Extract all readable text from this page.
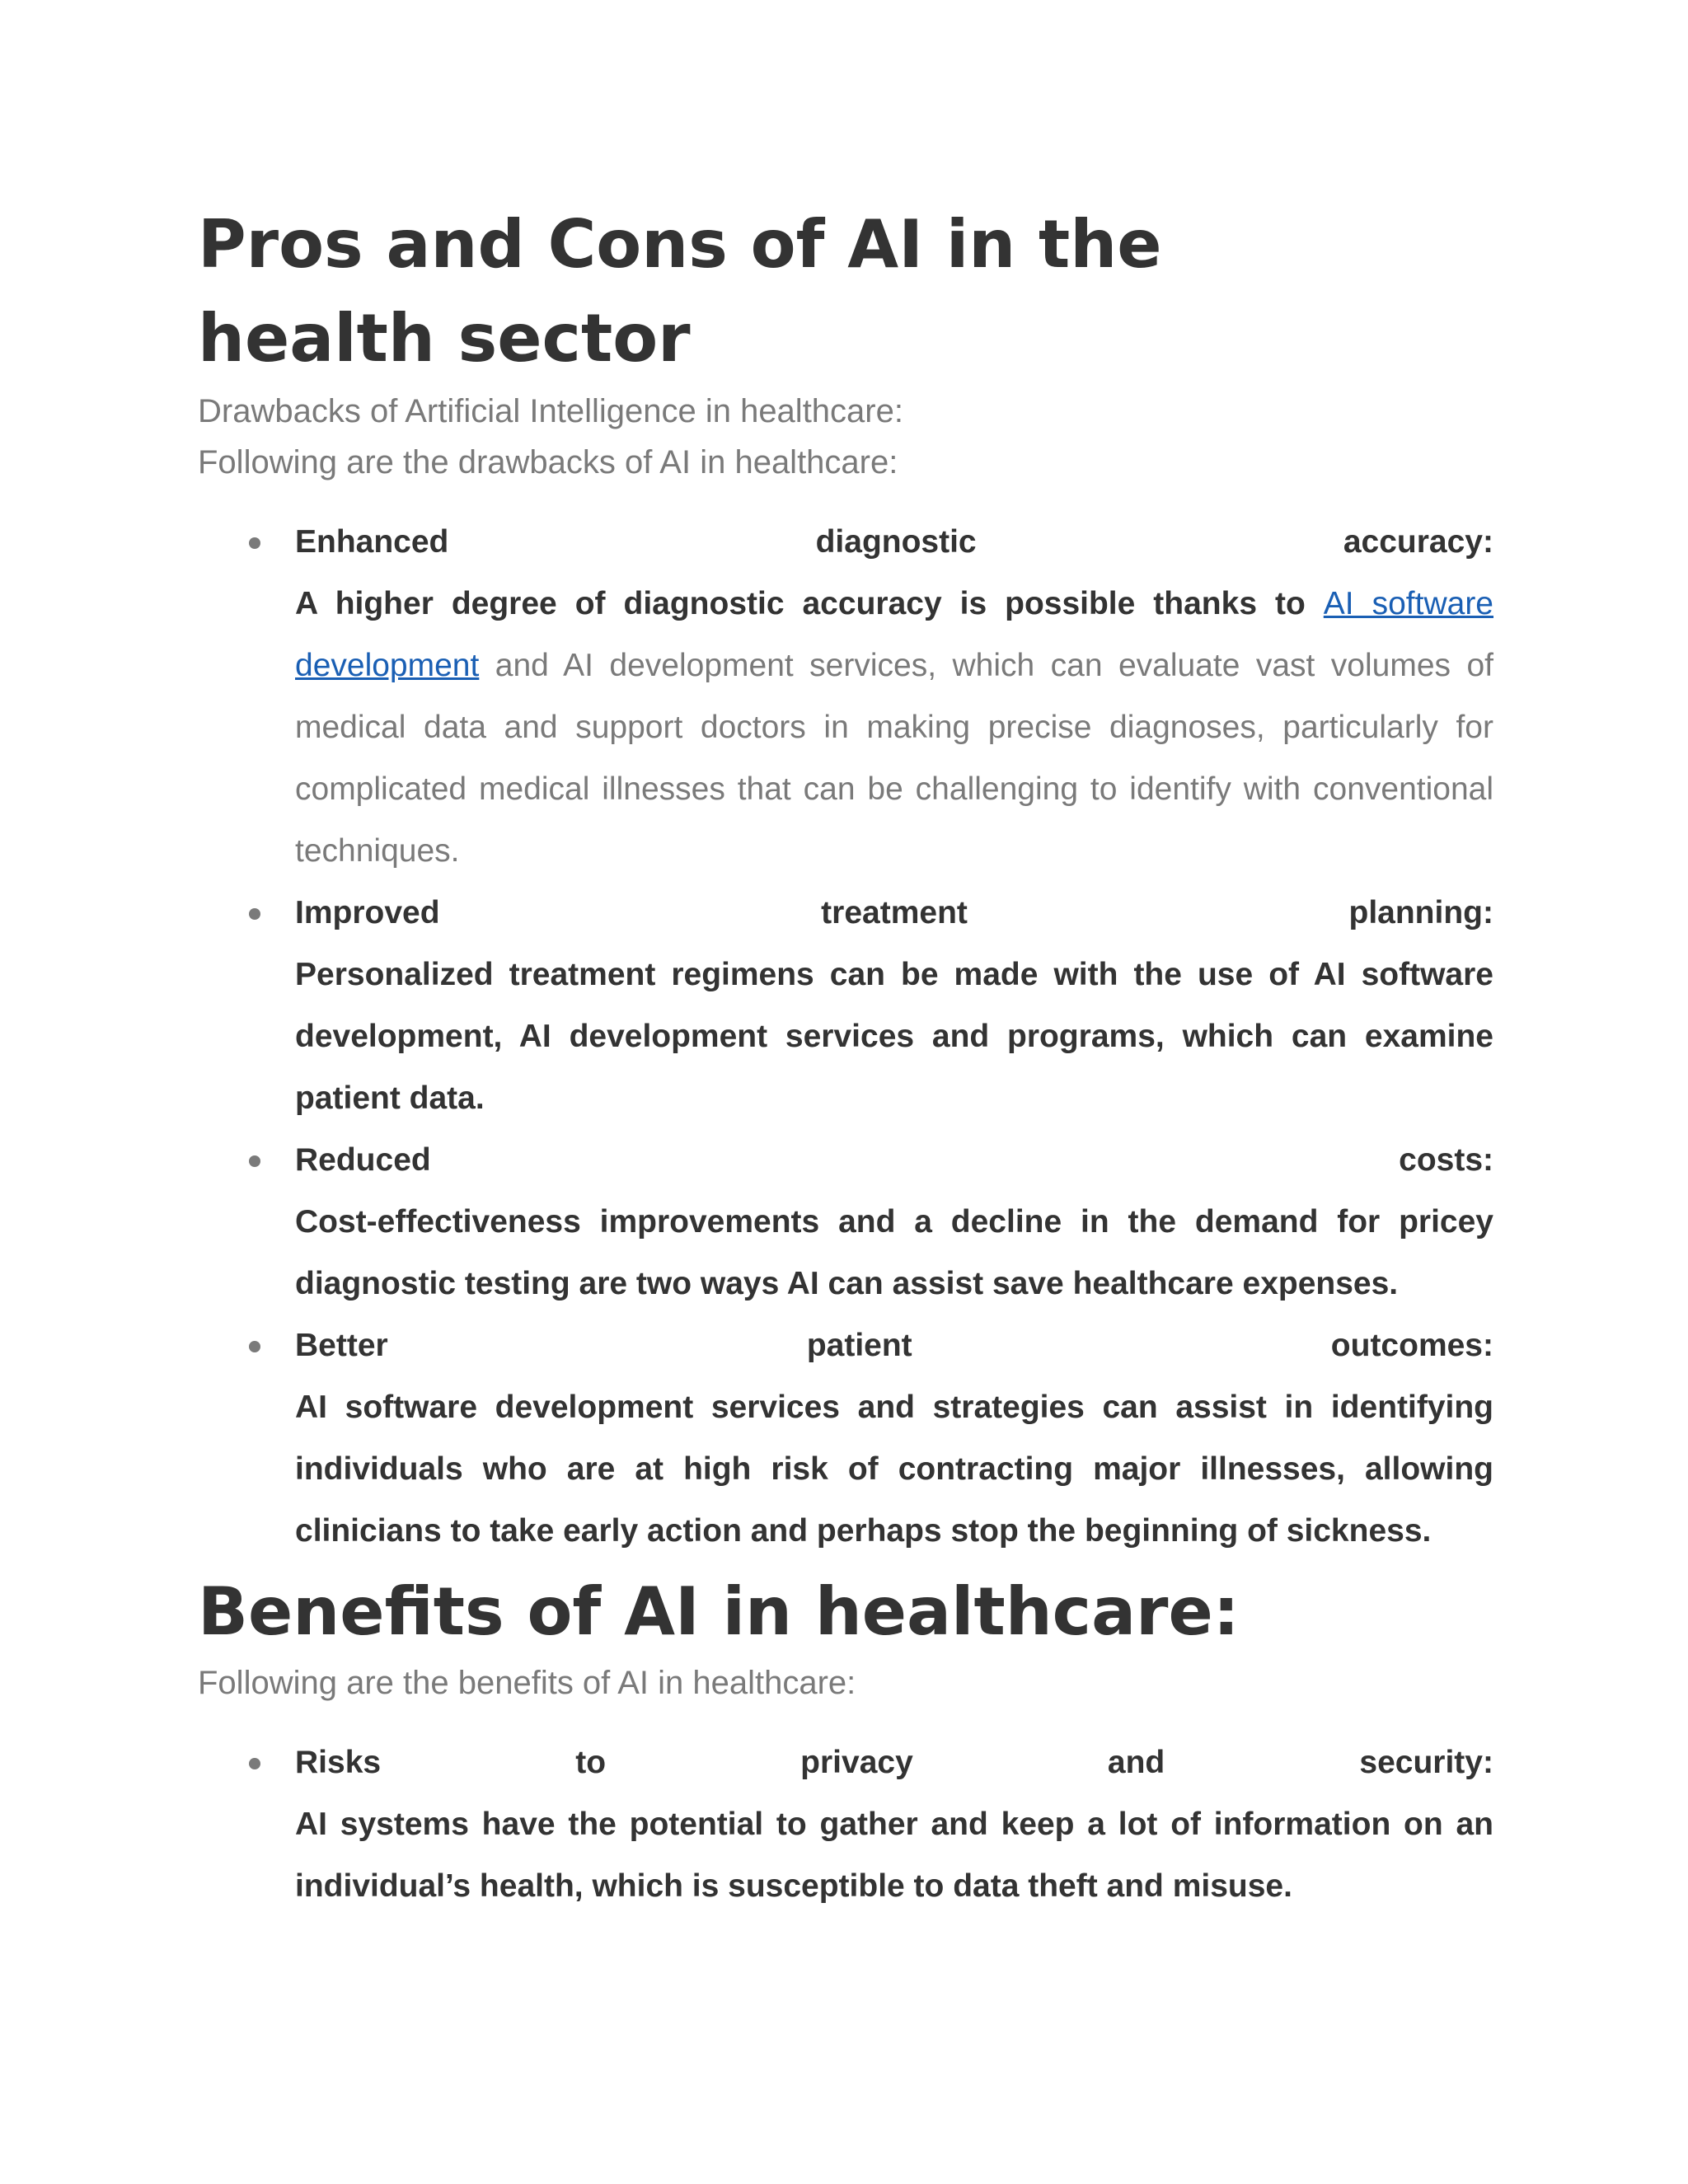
Pros and Cons of AI in the health sector

Drawbacks of Artificial Intelligence in healthcare:

Following are the drawbacks of AI in healthcare:

Enhanced	diagnostic	accuracy:
A higher degree of diagnostic accuracy is possible thanks to AI software development and AI development services, which can evaluate vast volumes of medical data and support doctors in making precise diagnoses, particularly for complicated medical illnesses that can be challenging to identify with conventional techniques.
Improved	treatment	planning:
Personalized treatment regimens can be made with the use of AI software development, AI development services and programs, which can examine patient data.
Reduced	costs:
Cost-effectiveness improvements and a decline in the demand for pricey diagnostic testing are two ways AI can assist save healthcare expenses.
Better	patient	outcomes:
AI software development services and strategies can assist in identifying individuals who are at high risk of contracting major illnesses, allowing clinicians to take early action and perhaps stop the beginning of sickness.
Benefits of AI in healthcare:

Following are the benefits of AI in healthcare:

Risks	to	privacy	and	security:
AI systems have the potential to gather and keep a lot of information on an individual’s health, which is susceptible to data theft and misuse.
